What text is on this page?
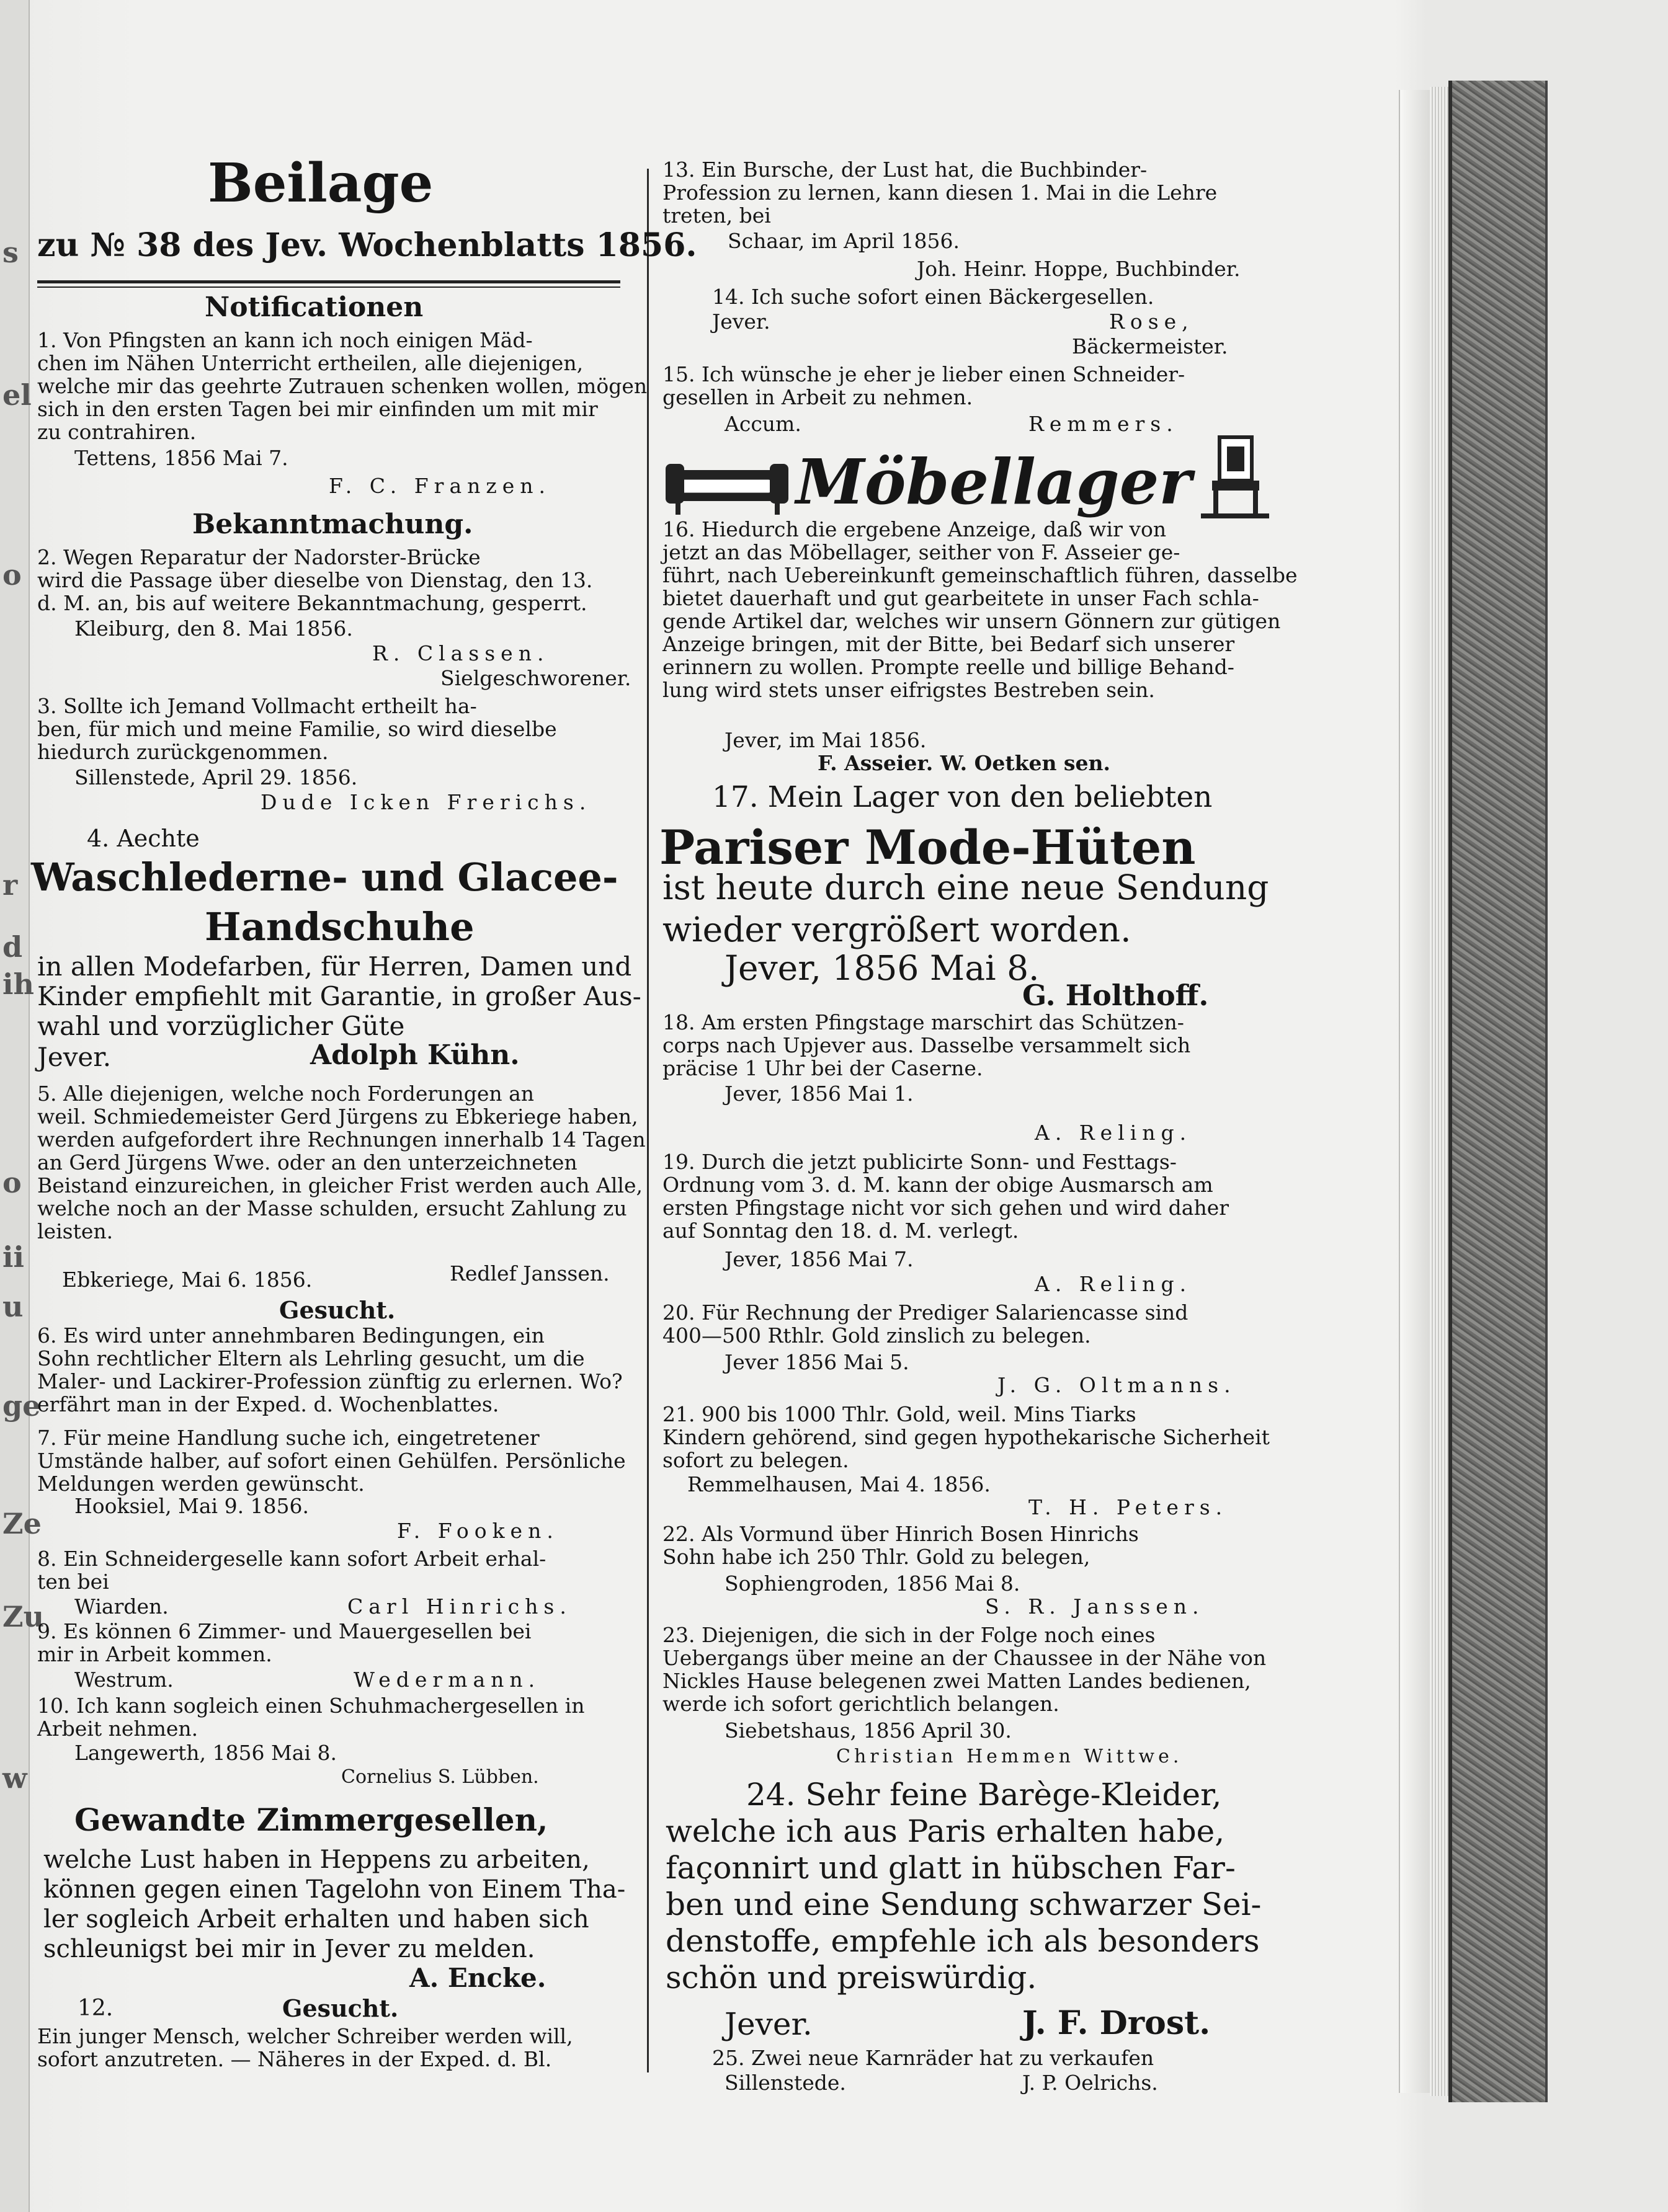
s
el
o
r
d
ih
o
ii
u
ge
Ze
Zu
w
Beilage
zu № 38 des Jev. Wochenblatts 1856.
Notificationen
1. Von Pfingsten an kann ich noch einigen Mäd-
chen im Nähen Unterricht ertheilen, alle diejenigen,
welche mir das geehrte Zutrauen schenken wollen, mögen
sich in den ersten Tagen bei mir einfinden um mit mir
zu contrahiren.
Tettens, 1856 Mai 7.
F. C. Franzen.
Bekanntmachung.
2. Wegen Reparatur der Nadorster-Brücke
wird die Passage über dieselbe von Dienstag, den 13.
d. M. an, bis auf weitere Bekanntmachung, gesperrt.
Kleiburg, den 8. Mai 1856.
R. Classen.
Sielgeschworener.
3. Sollte ich Jemand Vollmacht ertheilt ha-
ben, für mich und meine Familie, so wird dieselbe
hiedurch zurückgenommen.
Sillenstede, April 29. 1856.
Dude Icken Frerichs.
4. Aechte
Waschlederne- und Glacee-
Handschuhe
in allen Modefarben, für Herren, Damen und
Kinder empfiehlt mit Garantie, in großer Aus-
wahl und vorzüglicher Güte
Jever.	Adolph Kühn.
5. Alle diejenigen, welche noch Forderungen an
weil. Schmiedemeister Gerd Jürgens zu Ebkeriege haben,
werden aufgefordert ihre Rechnungen innerhalb 14 Tagen
an Gerd Jürgens Wwe. oder an den unterzeichneten
Beistand einzureichen, in gleicher Frist werden auch Alle,
welche noch an der Masse schulden, ersucht Zahlung zu
leisten.
Ebkeriege, Mai 6. 1856.	Redlef Janssen.
Gesucht.
6. Es wird unter annehmbaren Bedingungen, ein
Sohn rechtlicher Eltern als Lehrling gesucht, um die
Maler- und Lackirer-Profession zünftig zu erlernen. Wo?
erfährt man in der Exped. d. Wochenblattes.
7. Für meine Handlung suche ich, eingetretener
Umstände halber, auf sofort einen Gehülfen. Persönliche
Meldungen werden gewünscht.
Hooksiel, Mai 9. 1856.
F. Fooken.
8. Ein Schneidergeselle kann sofort Arbeit erhal-
ten bei
Wiarden.	Carl Hinrichs.
9. Es können 6 Zimmer- und Mauergesellen bei
mir in Arbeit kommen.
Westrum.	Wedermann.
10. Ich kann sogleich einen Schuhmachergesellen in
Arbeit nehmen.
Langewerth, 1856 Mai 8.
Cornelius S. Lübben.
Gewandte Zimmergesellen,
welche Lust haben in Heppens zu arbeiten,
können gegen einen Tagelohn von Einem Tha-
ler sogleich Arbeit erhalten und haben sich
schleunigst bei mir in Jever zu melden.
A. Encke.
12.	Gesucht.
Ein junger Mensch, welcher Schreiber werden will,
sofort anzutreten. — Näheres in der Exped. d. Bl.
13. Ein Bursche, der Lust hat, die Buchbinder-
Profession zu lernen, kann diesen 1. Mai in die Lehre
treten, bei
Schaar, im April 1856.
Joh. Heinr. Hoppe, Buchbinder.
14. Ich suche sofort einen Bäckergesellen.
Jever.	Rose,
Bäckermeister.
15. Ich wünsche je eher je lieber einen Schneider-
gesellen in Arbeit zu nehmen.
Accum.	Remmers.
Möbellager
16. Hiedurch die ergebene Anzeige, daß wir von
jetzt an das Möbellager, seither von F. Asseier ge-
führt, nach Uebereinkunft gemeinschaftlich führen, dasselbe
bietet dauerhaft und gut gearbeitete in unser Fach schla-
gende Artikel dar, welches wir unsern Gönnern zur gütigen
Anzeige bringen, mit der Bitte, bei Bedarf sich unserer
erinnern zu wollen. Prompte reelle und billige Behand-
lung wird stets unser eifrigstes Bestreben sein.
Jever, im Mai 1856.
F. Asseier. W. Oetken sen.
17. Mein Lager von den beliebten
Pariser Mode-Hüten
ist heute durch eine neue Sendung
wieder vergrößert worden.
Jever, 1856 Mai 8.
G. Holthoff.
18. Am ersten Pfingstage marschirt das Schützen-
corps nach Upjever aus. Dasselbe versammelt sich
präcise 1 Uhr bei der Caserne.
Jever, 1856 Mai 1.
A. Reling.
19. Durch die jetzt publicirte Sonn- und Festtags-
Ordnung vom 3. d. M. kann der obige Ausmarsch am
ersten Pfingstage nicht vor sich gehen und wird daher
auf Sonntag den 18. d. M. verlegt.
Jever, 1856 Mai 7.
A. Reling.
20. Für Rechnung der Prediger Salariencasse sind
400—500 Rthlr. Gold zinslich zu belegen.
Jever 1856 Mai 5.
J. G. Oltmanns.
21. 900 bis 1000 Thlr. Gold, weil. Mins Tiarks
Kindern gehörend, sind gegen hypothekarische Sicherheit
sofort zu belegen.
Remmelhausen, Mai 4. 1856.
T. H. Peters.
22. Als Vormund über Hinrich Bosen Hinrichs
Sohn habe ich 250 Thlr. Gold zu belegen,
Sophiengroden, 1856 Mai 8.
S. R. Janssen.
23. Diejenigen, die sich in der Folge noch eines
Uebergangs über meine an der Chaussee in der Nähe von
Nickles Hause belegenen zwei Matten Landes bedienen,
werde ich sofort gerichtlich belangen.
Siebetshaus, 1856 April 30.
Christian Hemmen Wittwe.
24. Sehr feine Barège-Kleider,
welche ich aus Paris erhalten habe,
façonnirt und glatt in hübschen Far-
ben und eine Sendung schwarzer Sei-
denstoffe, empfehle ich als besonders
schön und preiswürdig.
Jever.	J. F. Drost.
25. Zwei neue Karnräder hat zu verkaufen
Sillenstede.	J. P. Oelrichs.
